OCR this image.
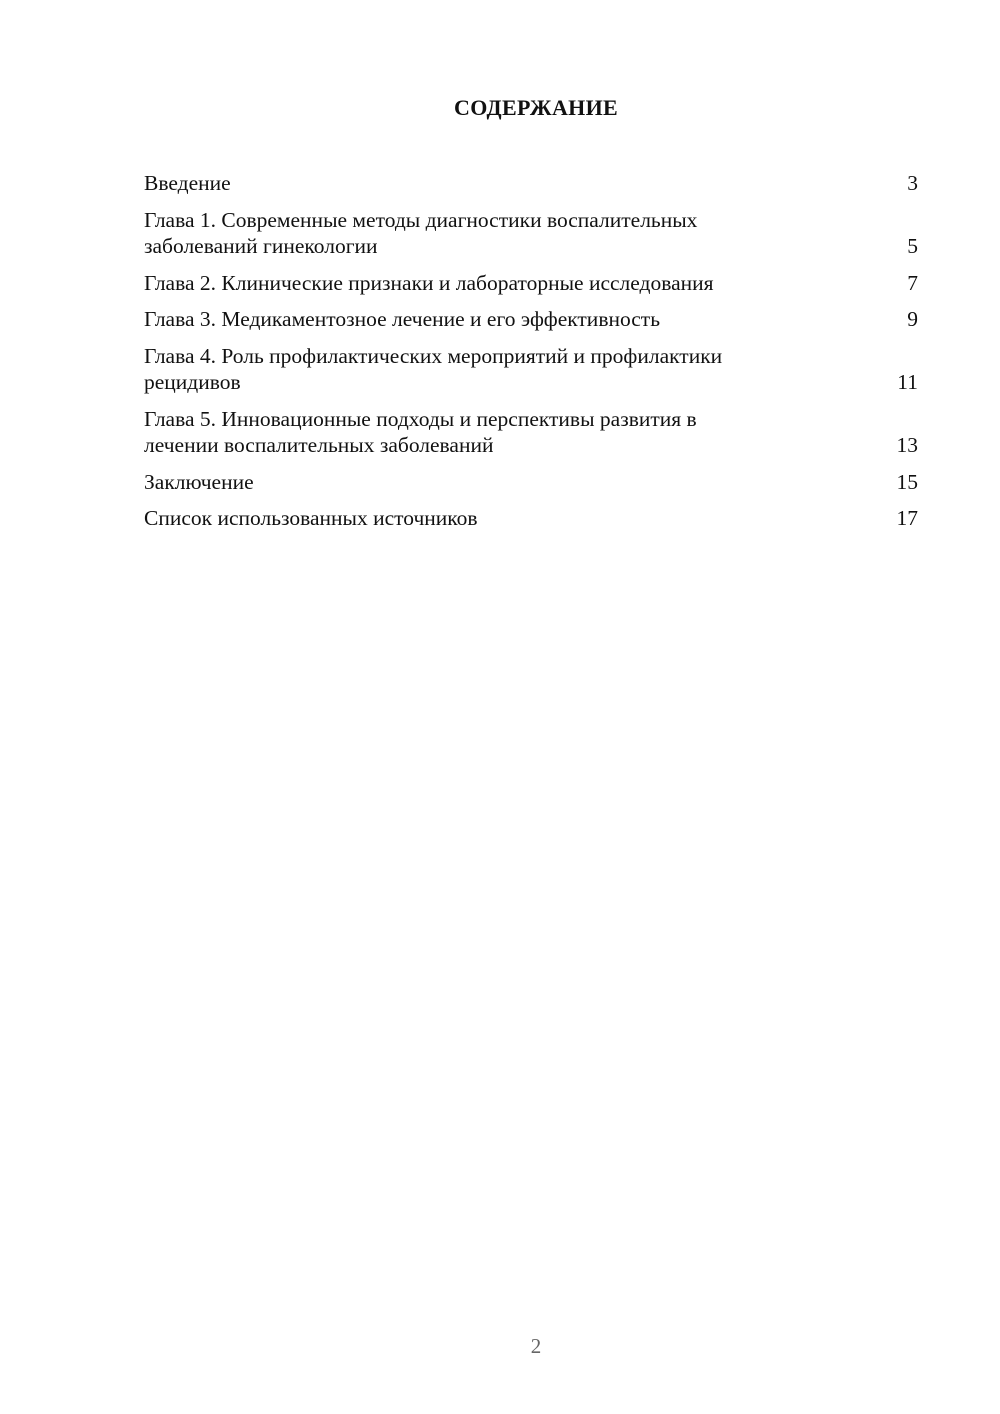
СОДЕРЖАНИЕ
Введение	3
Глава 1. Современные методы диагностики воспалительных
заболеваний гинекологии	5
Глава 2. Клинические признаки и лабораторные исследования	7
Глава 3. Медикаментозное лечение и его эффективность	9
Глава 4. Роль профилактических мероприятий и профилактики
рецидивов	11
Глава 5. Инновационные подходы и перспективы развития в
лечении воспалительных заболеваний	13
Заключение	15
Список использованных источников	17
2
